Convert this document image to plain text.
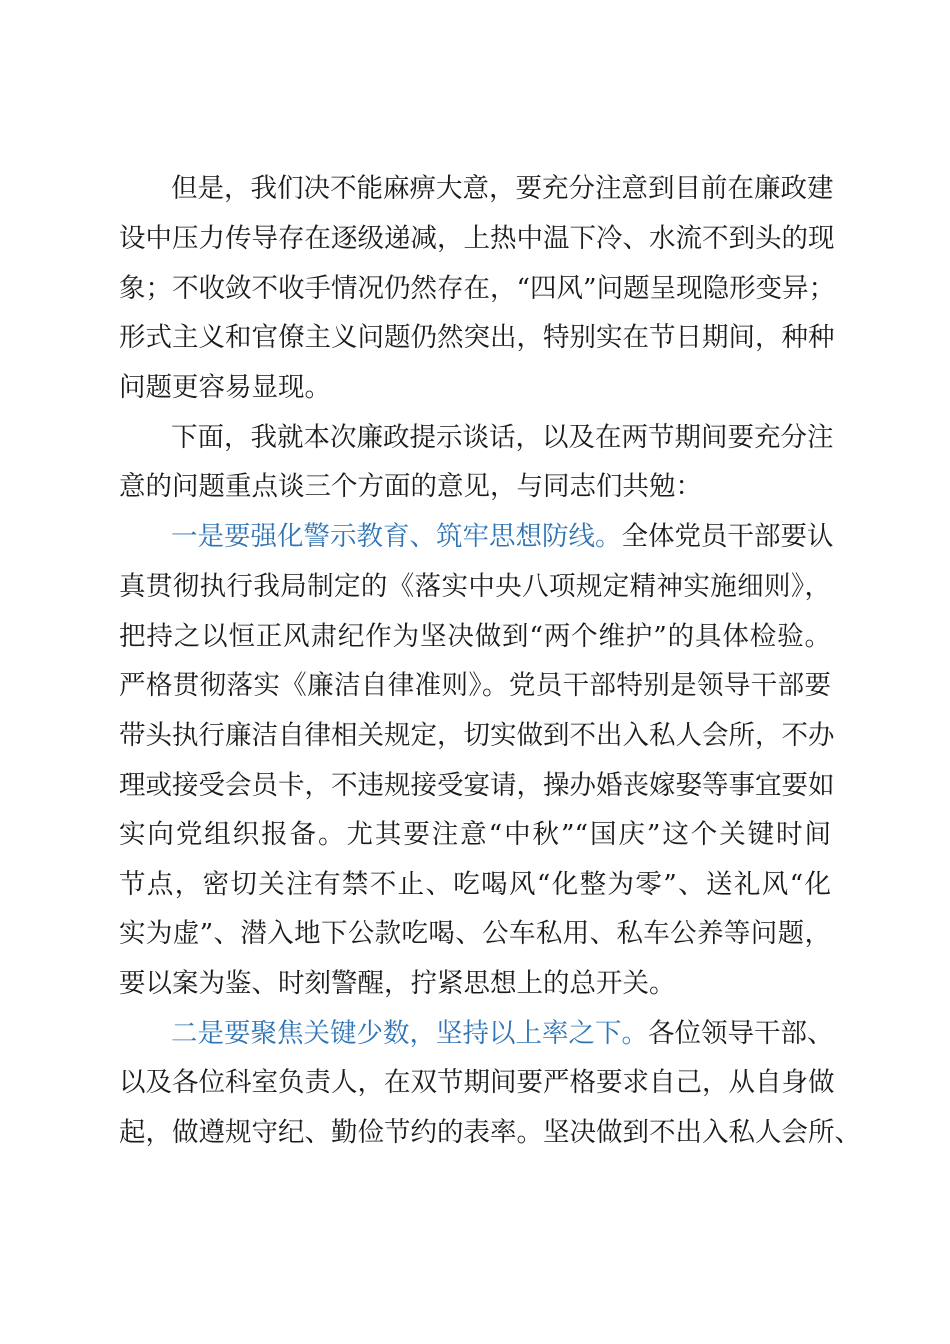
但是，我们决不能麻痹大意，要充分注意到目前在廉政建
设中压力传导存在逐级递减，上热中温下冷、水流不到头的现
象；不收敛不收手情况仍然存在，“四风”问题呈现隐形变异；
形式主义和官僚主义问题仍然突出，特别实在节日期间，种种
问题更容易显现。
下面，我就本次廉政提示谈话，以及在两节期间要充分注
意的问题重点谈三个方面的意见，与同志们共勉：
一是要强化警示教育、筑牢思想防线。全体党员干部要认
真贯彻执行我局制定的《落实中央八项规定精神实施细则》，
把持之以恒正风肃纪作为坚决做到“两个维护”的具体检验。
严格贯彻落实《廉洁自律准则》。党员干部特别是领导干部要
带头执行廉洁自律相关规定，切实做到不出入私人会所，不办
理或接受会员卡，不违规接受宴请，操办婚丧嫁娶等事宜要如
实向党组织报备。尤其要注意“中秋”“国庆”这个关键时间
节点，密切关注有禁不止、吃喝风“化整为零”、送礼风“化
实为虚”、潜入地下公款吃喝、公车私用、私车公养等问题，
要以案为鉴、时刻警醒，拧紧思想上的总开关。
二是要聚焦关键少数，坚持以上率之下。各位领导干部、
以及各位科室负责人，在双节期间要严格要求自己，从自身做
起，做遵规守纪、勤俭节约的表率。坚决做到不出入私人会所、
